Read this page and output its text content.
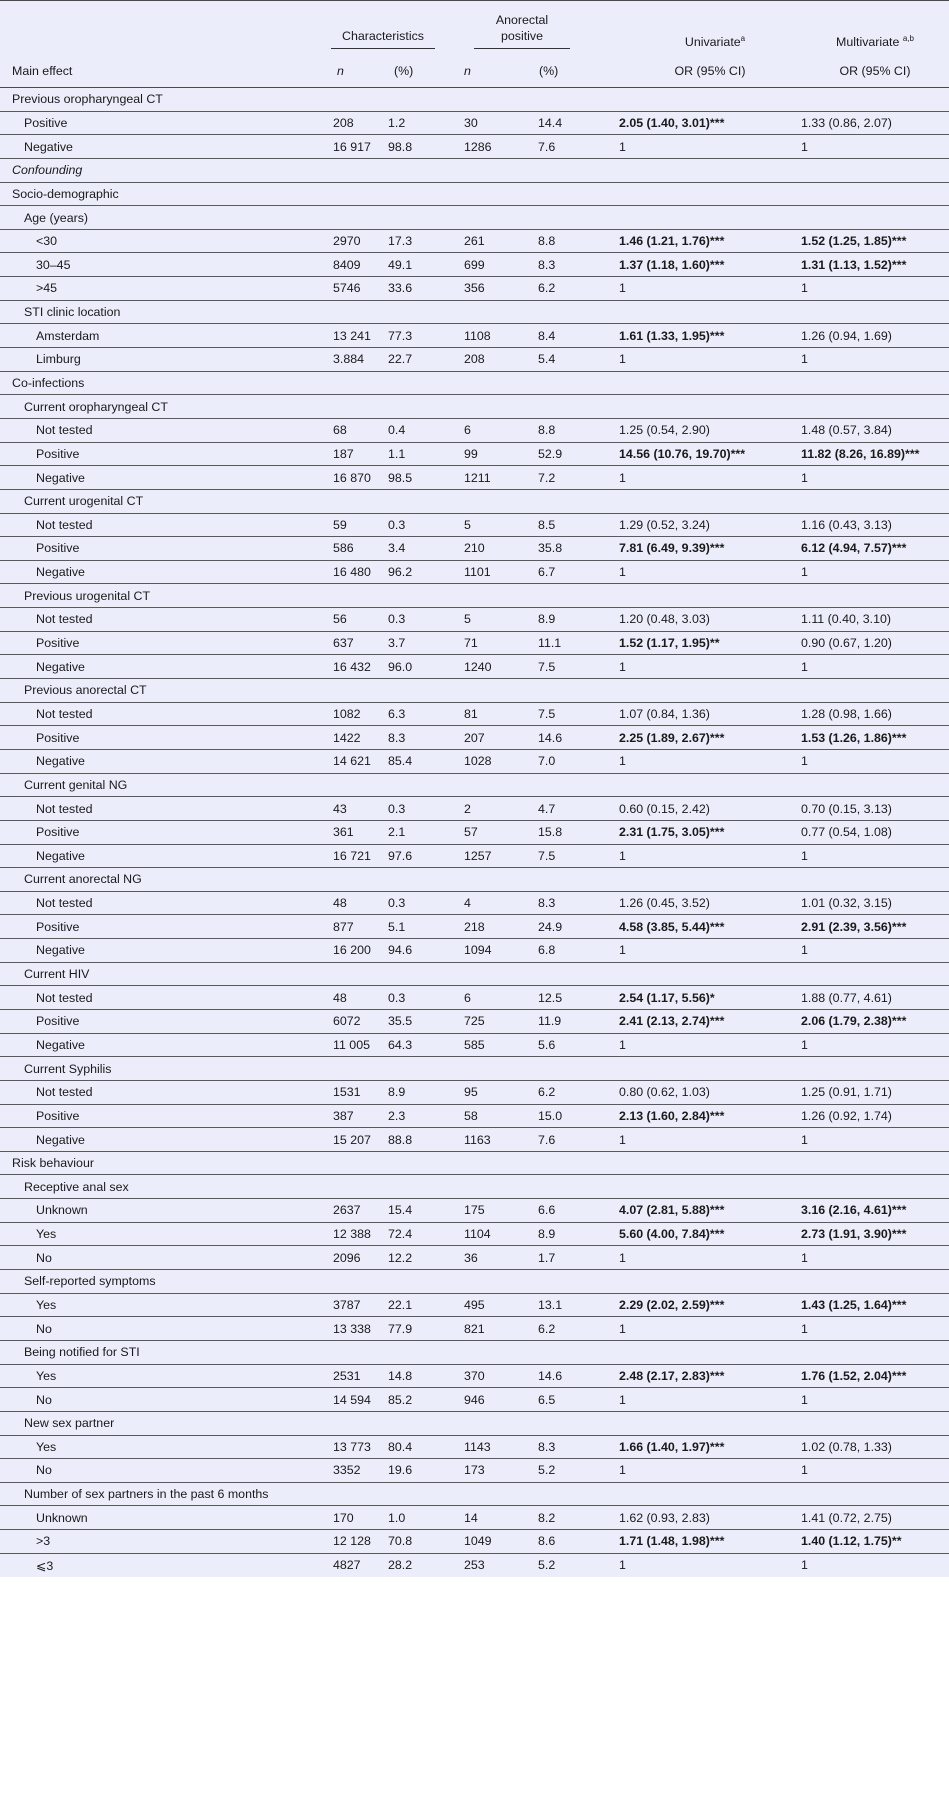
	Characteristics		Anorectal
positive		Univariate$^a$	Multivariate $^{a,b}$

Main effect	n	(%)	n	(%)	OR (95% CI)	OR (95% CI)
Previous oropharyngeal CT						
Positive	208	1.2	30	14.4	2.05 (1.40, 3.01)***	1.33 (0.86, 2.07)
Negative	16 917	98.8	1286	7.6	1	1
Confounding						
Socio-demographic						
Age (years)						
<30	2970	17.3	261	8.8	1.46 (1.21, 1.76)***	1.52 (1.25, 1.85)***
30–45	8409	49.1	699	8.3	1.37 (1.18, 1.60)***	1.31 (1.13, 1.52)***
>45	5746	33.6	356	6.2	1	1
STI clinic location						
Amsterdam	13 241	77.3	1108	8.4	1.61 (1.33, 1.95)***	1.26 (0.94, 1.69)
Limburg	3.884	22.7	208	5.4	1	1
Co-infections						
Current oropharyngeal CT						
Not tested	68	0.4	6	8.8	1.25 (0.54, 2.90)	1.48 (0.57, 3.84)
Positive	187	1.1	99	52.9	14.56 (10.76, 19.70)***	11.82 (8.26, 16.89)***
Negative	16 870	98.5	1211	7.2	1	1
Current urogenital CT						
Not tested	59	0.3	5	8.5	1.29 (0.52, 3.24)	1.16 (0.43, 3.13)
Positive	586	3.4	210	35.8	7.81 (6.49, 9.39)***	6.12 (4.94, 7.57)***
Negative	16 480	96.2	1101	6.7	1	1
Previous urogenital CT						
Not tested	56	0.3	5	8.9	1.20 (0.48, 3.03)	1.11 (0.40, 3.10)
Positive	637	3.7	71	11.1	1.52 (1.17, 1.95)**	0.90 (0.67, 1.20)
Negative	16 432	96.0	1240	7.5	1	1
Previous anorectal CT						
Not tested	1082	6.3	81	7.5	1.07 (0.84, 1.36)	1.28 (0.98, 1.66)
Positive	1422	8.3	207	14.6	2.25 (1.89, 2.67)***	1.53 (1.26, 1.86)***
Negative	14 621	85.4	1028	7.0	1	1
Current genital NG						
Not tested	43	0.3	2	4.7	0.60 (0.15, 2.42)	0.70 (0.15, 3.13)
Positive	361	2.1	57	15.8	2.31 (1.75, 3.05)***	0.77 (0.54, 1.08)
Negative	16 721	97.6	1257	7.5	1	1
Current anorectal NG						
Not tested	48	0.3	4	8.3	1.26 (0.45, 3.52)	1.01 (0.32, 3.15)
Positive	877	5.1	218	24.9	4.58 (3.85, 5.44)***	2.91 (2.39, 3.56)***
Negative	16 200	94.6	1094	6.8	1	1
Current HIV						
Not tested	48	0.3	6	12.5	2.54 (1.17, 5.56)*	1.88 (0.77, 4.61)
Positive	6072	35.5	725	11.9	2.41 (2.13, 2.74)***	2.06 (1.79, 2.38)***
Negative	11 005	64.3	585	5.6	1	1
Current Syphilis						
Not tested	1531	8.9	95	6.2	0.80 (0.62, 1.03)	1.25 (0.91, 1.71)
Positive	387	2.3	58	15.0	2.13 (1.60, 2.84)***	1.26 (0.92, 1.74)
Negative	15 207	88.8	1163	7.6	1	1
Risk behaviour						
Receptive anal sex						
Unknown	2637	15.4	175	6.6	4.07 (2.81, 5.88)***	3.16 (2.16, 4.61)***
Yes	12 388	72.4	1104	8.9	5.60 (4.00, 7.84)***	2.73 (1.91, 3.90)***
No	2096	12.2	36	1.7	1	1
Self-reported symptoms						
Yes	3787	22.1	495	13.1	2.29 (2.02, 2.59)***	1.43 (1.25, 1.64)***
No	13 338	77.9	821	6.2	1	1
Being notified for STI						
Yes	2531	14.8	370	14.6	2.48 (2.17, 2.83)***	1.76 (1.52, 2.04)***
No	14 594	85.2	946	6.5	1	1
New sex partner						
Yes	13 773	80.4	1143	8.3	1.66 (1.40, 1.97)***	1.02 (0.78, 1.33)
No	3352	19.6	173	5.2	1	1
Number of sex partners in the past 6 months						
Unknown	170	1.0	14	8.2	1.62 (0.93, 2.83)	1.41 (0.72, 2.75)
>3	12 128	70.8	1049	8.6	1.71 (1.48, 1.98)***	1.40 (1.12, 1.75)**
⩽3	4827	28.2	253	5.2	1	1
